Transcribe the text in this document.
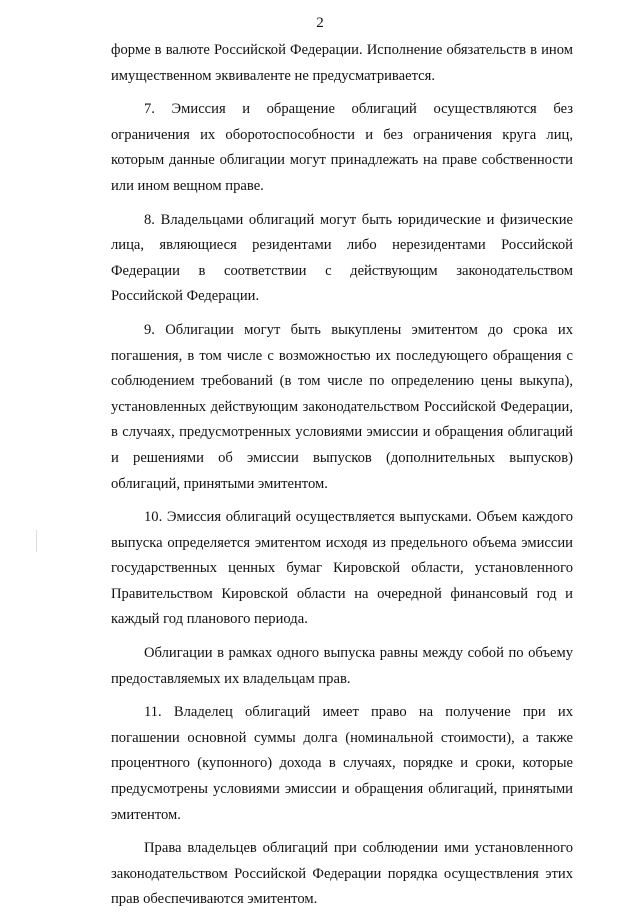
2

форме в валюте Российской Федерации. Исполнение обязательств в ином имущественном эквиваленте не предусматривается.

7. Эмиссия и обращение облигаций осуществляются без ограничения их оборотоспособности и без ограничения круга лиц, которым данные облигации могут принадлежать на праве собственности или ином вещном праве.

8. Владельцами облигаций могут быть юридические и физические лица, являющиеся резидентами либо нерезидентами Российской Федерации в соответствии с действующим законодательством Российской Федерации.

9. Облигации могут быть выкуплены эмитентом до срока их погашения, в том числе с возможностью их последующего обращения с соблюдением требований (в том числе по определению цены выкупа), установленных действующим законодательством Российской Федерации, в случаях, предусмотренных условиями эмиссии и обращения облигаций и решениями об эмиссии выпусков (дополнительных выпусков) облигаций, принятыми эмитентом.

10. Эмиссия облигаций осуществляется выпусками. Объем каждого выпуска определяется эмитентом исходя из предельного объема эмиссии государственных ценных бумаг Кировской области, установленного Правительством Кировской области на очередной финансовый год и каждый год планового периода.

Облигации в рамках одного выпуска равны между собой по объему предоставляемых их владельцам прав.

11. Владелец облигаций имеет право на получение при их погашении основной суммы долга (номинальной стоимости), а также процентного (купонного) дохода в случаях, порядке и сроки, которые предусмотрены условиями эмиссии и обращения облигаций, принятыми эмитентом.

Права владельцев облигаций при соблюдении ими установленного законодательством Российской Федерации порядка осуществления этих прав обеспечиваются эмитентом.
